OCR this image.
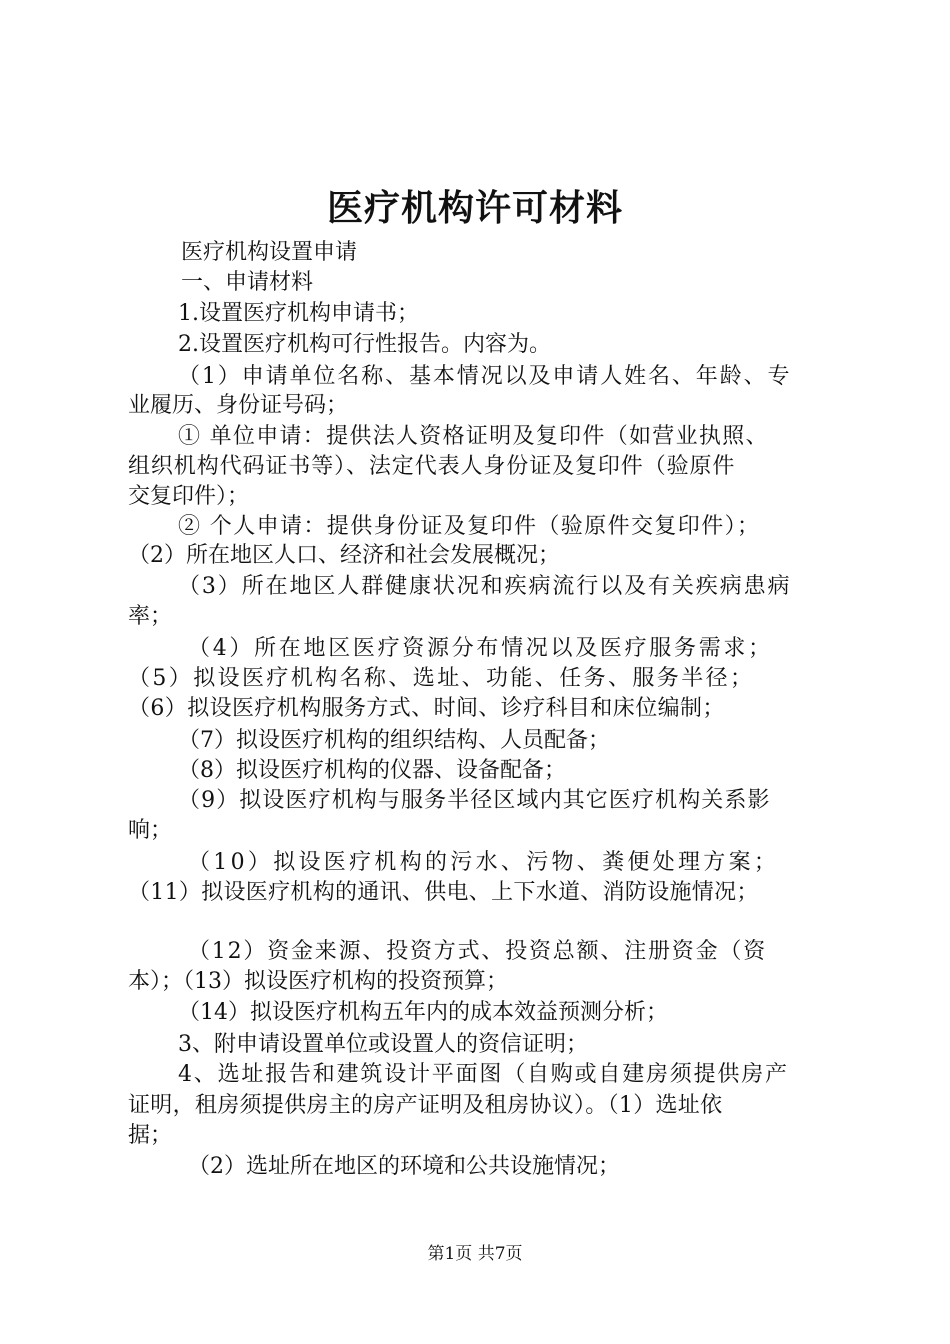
医疗机构许可材料
医疗机构设置申请
一、申请材料
1.设置医疗机构申请书；
2.设置医疗机构可行性报告。内容为。
（1）申请单位名称、基本情况以及申请人姓名、年龄、专
业履历、身份证号码；
① 单位申请：提供法人资格证明及复印件（如营业执照、
组织机构代码证书等）、法定代表人身份证及复印件（验原件
交复印件）；
② 个人申请：提供身份证及复印件（验原件交复印件）；
（2）所在地区人口、经济和社会发展概况；
（3）所在地区人群健康状况和疾病流行以及有关疾病患病
率；
（4）所在地区医疗资源分布情况以及医疗服务需求；
（5）拟设医疗机构名称、选址、功能、任务、服务半径；
（6）拟设医疗机构服务方式、时间、诊疗科目和床位编制；
（7）拟设医疗机构的组织结构、人员配备；
（8）拟设医疗机构的仪器、设备配备；
（9）拟设医疗机构与服务半径区域内其它医疗机构关系影
响；
（10）拟设医疗机构的污水、污物、粪便处理方案；
（11）拟设医疗机构的通讯、供电、上下水道、消防设施情况；
（12）资金来源、投资方式、投资总额、注册资金（资
本）；（13）拟设医疗机构的投资预算；
（14）拟设医疗机构五年内的成本效益预测分析；
3、附申请设置单位或设置人的资信证明；
4、选址报告和建筑设计平面图（自购或自建房须提供房产
证明，租房须提供房主的房产证明及租房协议）。（1）选址依
据；
（2）选址所在地区的环境和公共设施情况；
第1页 共7页
